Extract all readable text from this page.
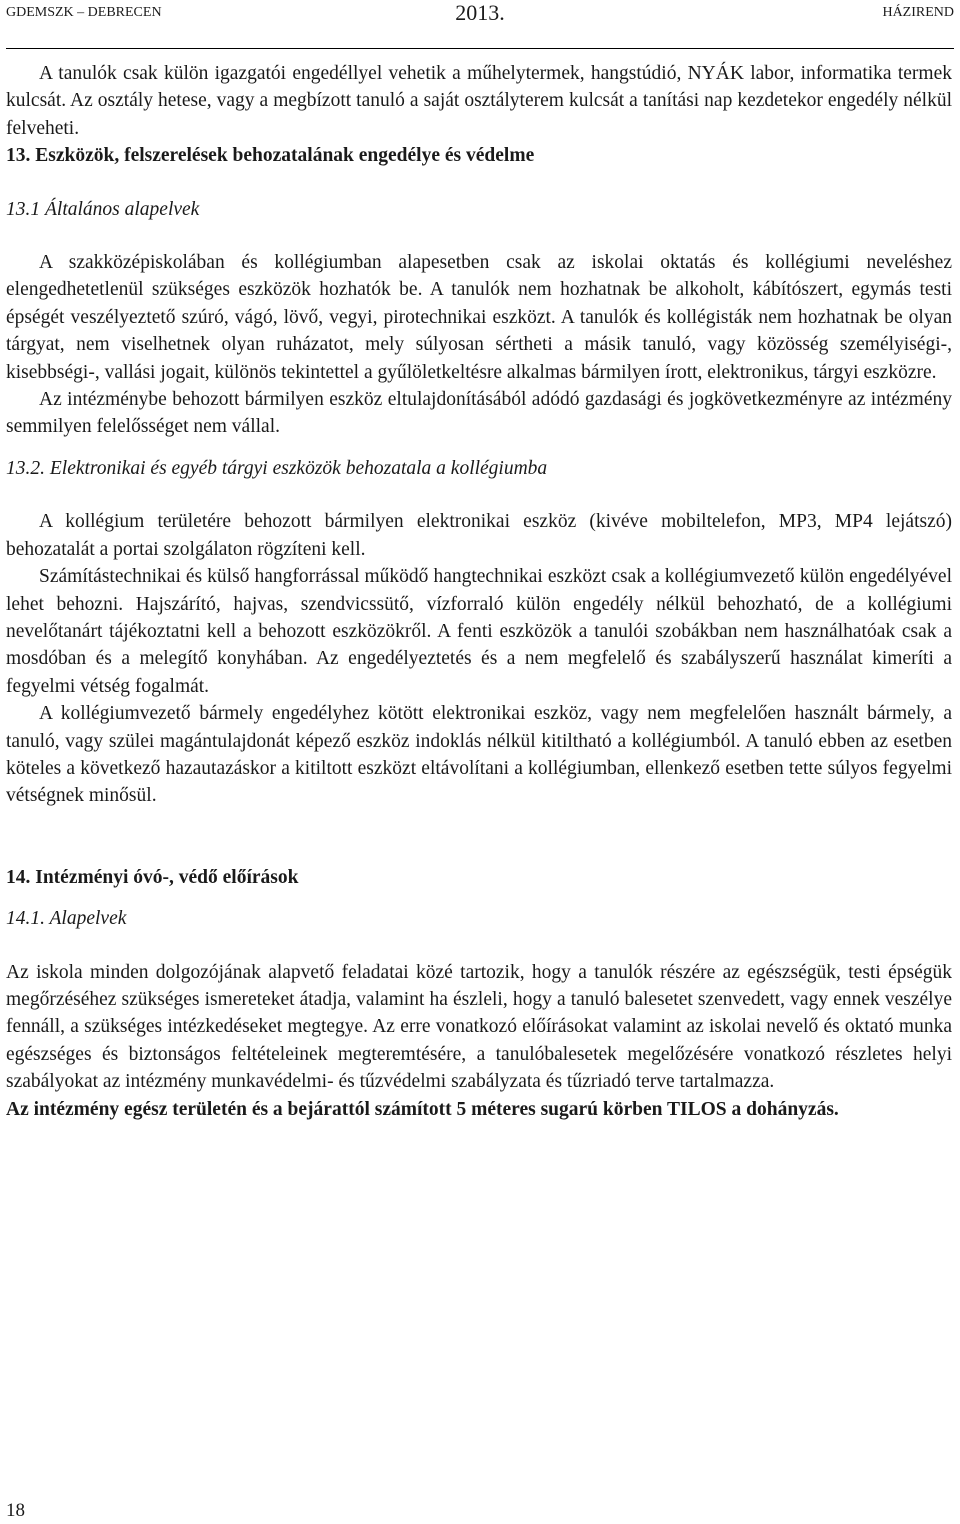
GDEMSZK – DEBRECEN	2013.	HÁZIREND

A tanulók csak külön igazgatói engedéllyel vehetik a műhelytermek, hangstúdió, NYÁK labor, informatika termek kulcsát. Az osztály hetese, vagy a megbízott tanuló a saját osztályterem kulcsát a tanítási nap kezdetekor engedély nélkül felveheti.

13. Eszközök, felszerelések behozatalának engedélye és védelme

13.1 Általános alapelvek

A szakközépiskolában és kollégiumban alapesetben csak az iskolai oktatás és kollégiumi neveléshez elengedhetetlenül szükséges eszközök hozhatók be. A tanulók nem hozhatnak be alkoholt, kábítószert, egymás testi épségét veszélyeztető szúró, vágó, lövő, vegyi, pirotechnikai eszközt. A tanulók és kollégisták nem hozhatnak be olyan tárgyat, nem viselhetnek olyan ruházatot, mely súlyosan sértheti a másik tanuló, vagy közösség személyiségi-, kisebbségi-, vallási jogait, különös tekintettel a gyűlöletkeltésre alkalmas bármilyen írott, elektronikus, tárgyi eszközre.

Az intézménybe behozott bármilyen eszköz eltulajdonításából adódó gazdasági és jogkövetkezményre az intézmény semmilyen felelősséget nem vállal.

13.2. Elektronikai és egyéb tárgyi eszközök behozatala a kollégiumba

A kollégium területére behozott bármilyen elektronikai eszköz (kivéve mobiltelefon, MP3, MP4 lejátszó) behozatalát a portai szolgálaton rögzíteni kell.

Számítástechnikai és külső hangforrással működő hangtechnikai eszközt csak a kollégiumvezető külön engedélyével lehet behozni. Hajszárító, hajvas, szendvicssütő, vízforraló külön engedély nélkül behozható, de a kollégiumi nevelőtanárt tájékoztatni kell a behozott eszközökről. A fenti eszközök a tanulói szobákban nem használhatóak csak a mosdóban és a melegítő konyhában. Az engedélyeztetés és a nem megfelelő és szabályszerű használat kimeríti a fegyelmi vétség fogalmát.

A kollégiumvezető bármely engedélyhez kötött elektronikai eszköz, vagy nem megfelelően használt bármely, a tanuló, vagy szülei magántulajdonát képező eszköz indoklás nélkül kitiltható a kollégiumból. A tanuló ebben az esetben köteles a következő hazautazáskor a kitiltott eszközt eltávolítani a kollégiumban, ellenkező esetben tette súlyos fegyelmi vétségnek minősül.

14. Intézményi óvó-, védő előírások

14.1. Alapelvek

Az iskola minden dolgozójának alapvető feladatai közé tartozik, hogy a tanulók részére az egészségük, testi épségük megőrzéséhez szükséges ismereteket átadja, valamint ha észleli, hogy a tanuló balesetet szenvedett, vagy ennek veszélye fennáll, a szükséges intézkedéseket megtegye. Az erre vonatkozó előírásokat valamint az iskolai nevelő és oktató munka egészséges és biztonságos feltételeinek megteremtésére, a tanulóbalesetek megelőzésére vonatkozó részletes helyi szabályokat az intézmény munkavédelmi- és tűzvédelmi szabályzata és tűzriadó terve tartalmazza.

Az intézmény egész területén és a bejárattól számított 5 méteres sugarú körben TILOS a dohányzás.

18
